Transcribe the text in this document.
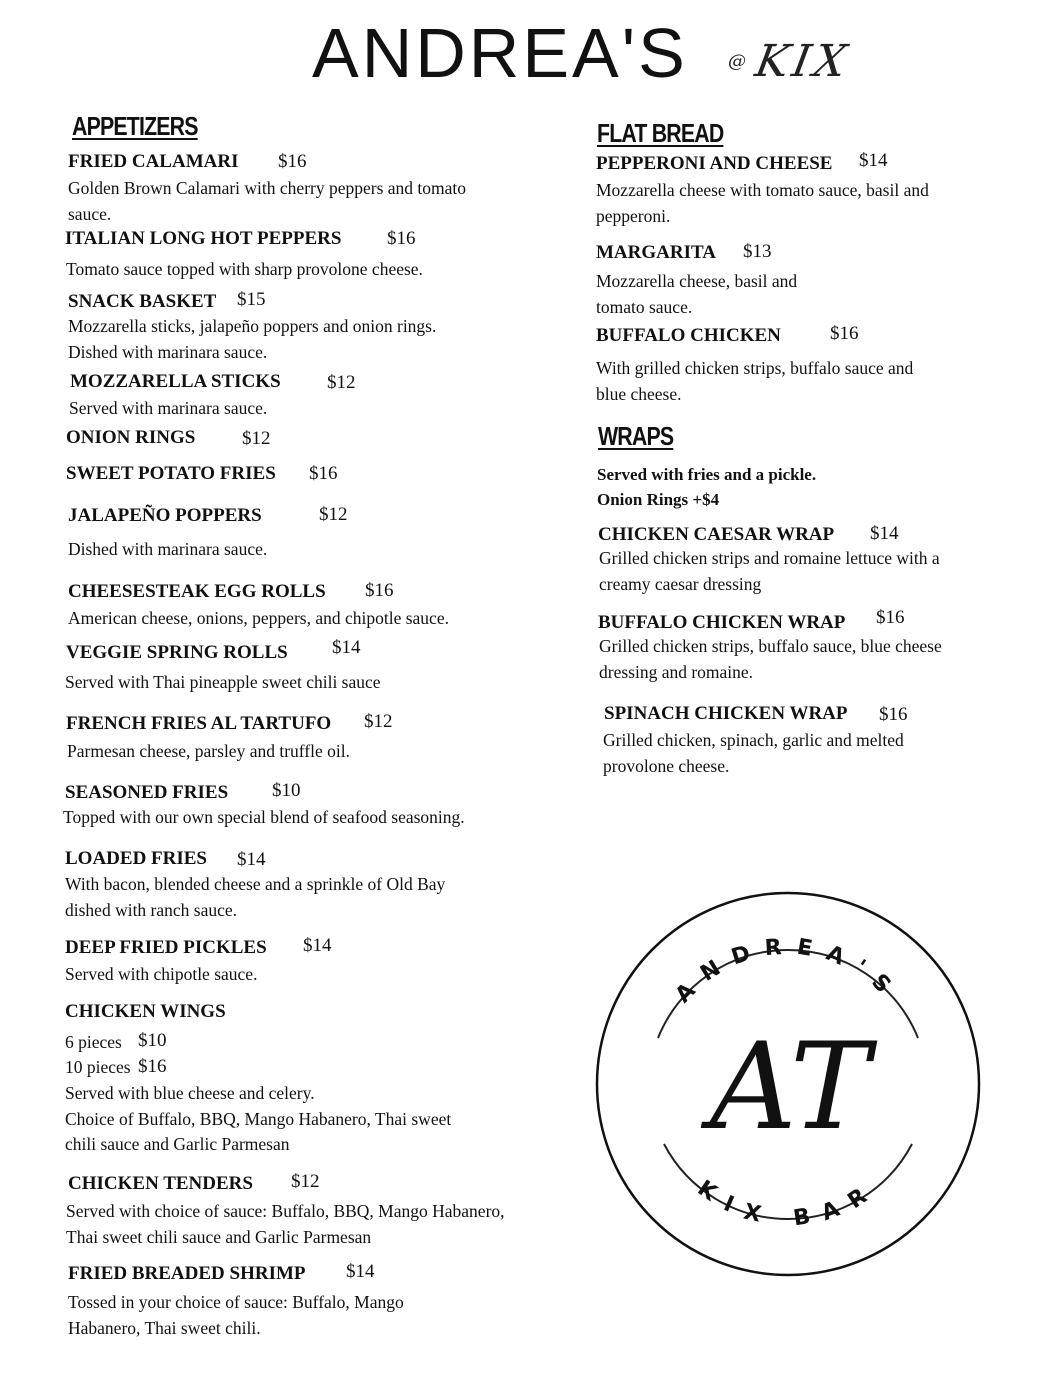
ANDREA'S @ KIX
APPETIZERS
FRIED CALAMARI $16
Golden Brown Calamari with cherry peppers and tomato
sauce.
ITALIAN LONG HOT PEPPERS $16
Tomato sauce topped with sharp provolone cheese.
SNACK BASKET $15
Mozzarella sticks, jalapeño poppers and onion rings.
Dished with marinara sauce.
MOZZARELLA STICKS $12
Served with marinara sauce.
ONION RINGS $12
SWEET POTATO FRIES $16
JALAPEÑO POPPERS	$12
Dished with marinara sauce.
CHEESESTEAK EGG ROLLS $16
American cheese, onions, peppers, and chipotle sauce.
VEGGIE SPRING ROLLS $14
Served with Thai pineapple sweet chili sauce
FRENCH FRIES AL TARTUFO $12
Parmesan cheese, parsley and truffle oil.
SEASONED FRIES $10
Topped with our own special blend of seafood seasoning.
LOADED FRIES $14
With bacon, blended cheese and a sprinkle of Old Bay
dished with ranch sauce.
DEEP FRIED PICKLES $14
Served with chipotle sauce.
CHICKEN WINGS
6 pieces $10
10 pieces $16
Served with blue cheese and celery.
Choice of Buffalo, BBQ, Mango Habanero, Thai sweet
chili sauce and Garlic Parmesan
CHICKEN TENDERS $12
Served with choice of sauce: Buffalo, BBQ, Mango Habanero,
Thai sweet chili sauce and Garlic Parmesan
FRIED BREADED SHRIMP $14
Tossed in your choice of sauce: Buffalo, Mango
Habanero, Thai sweet chili.
FLAT BREAD
PEPPERONI AND CHEESE $14
Mozzarella cheese with tomato sauce, basil and
pepperoni.
MARGARITA $13
Mozzarella cheese, basil and
tomato sauce.
BUFFALO CHICKEN	$16
With grilled chicken strips, buffalo sauce and
blue cheese.
WRAPS
Served with fries and a pickle.
Onion Rings +$4
CHICKEN CAESAR WRAP $14
Grilled chicken strips and romaine lettuce with a
creamy caesar dressing
BUFFALO CHICKEN WRAP $16
Grilled chicken strips, buffalo sauce, blue cheese
dressing and romaine.
SPINACH CHICKEN WRAP $16
Grilled chicken, spinach, garlic and melted
provolone cheese.
ANDREA'S
KIX BAR
AT
